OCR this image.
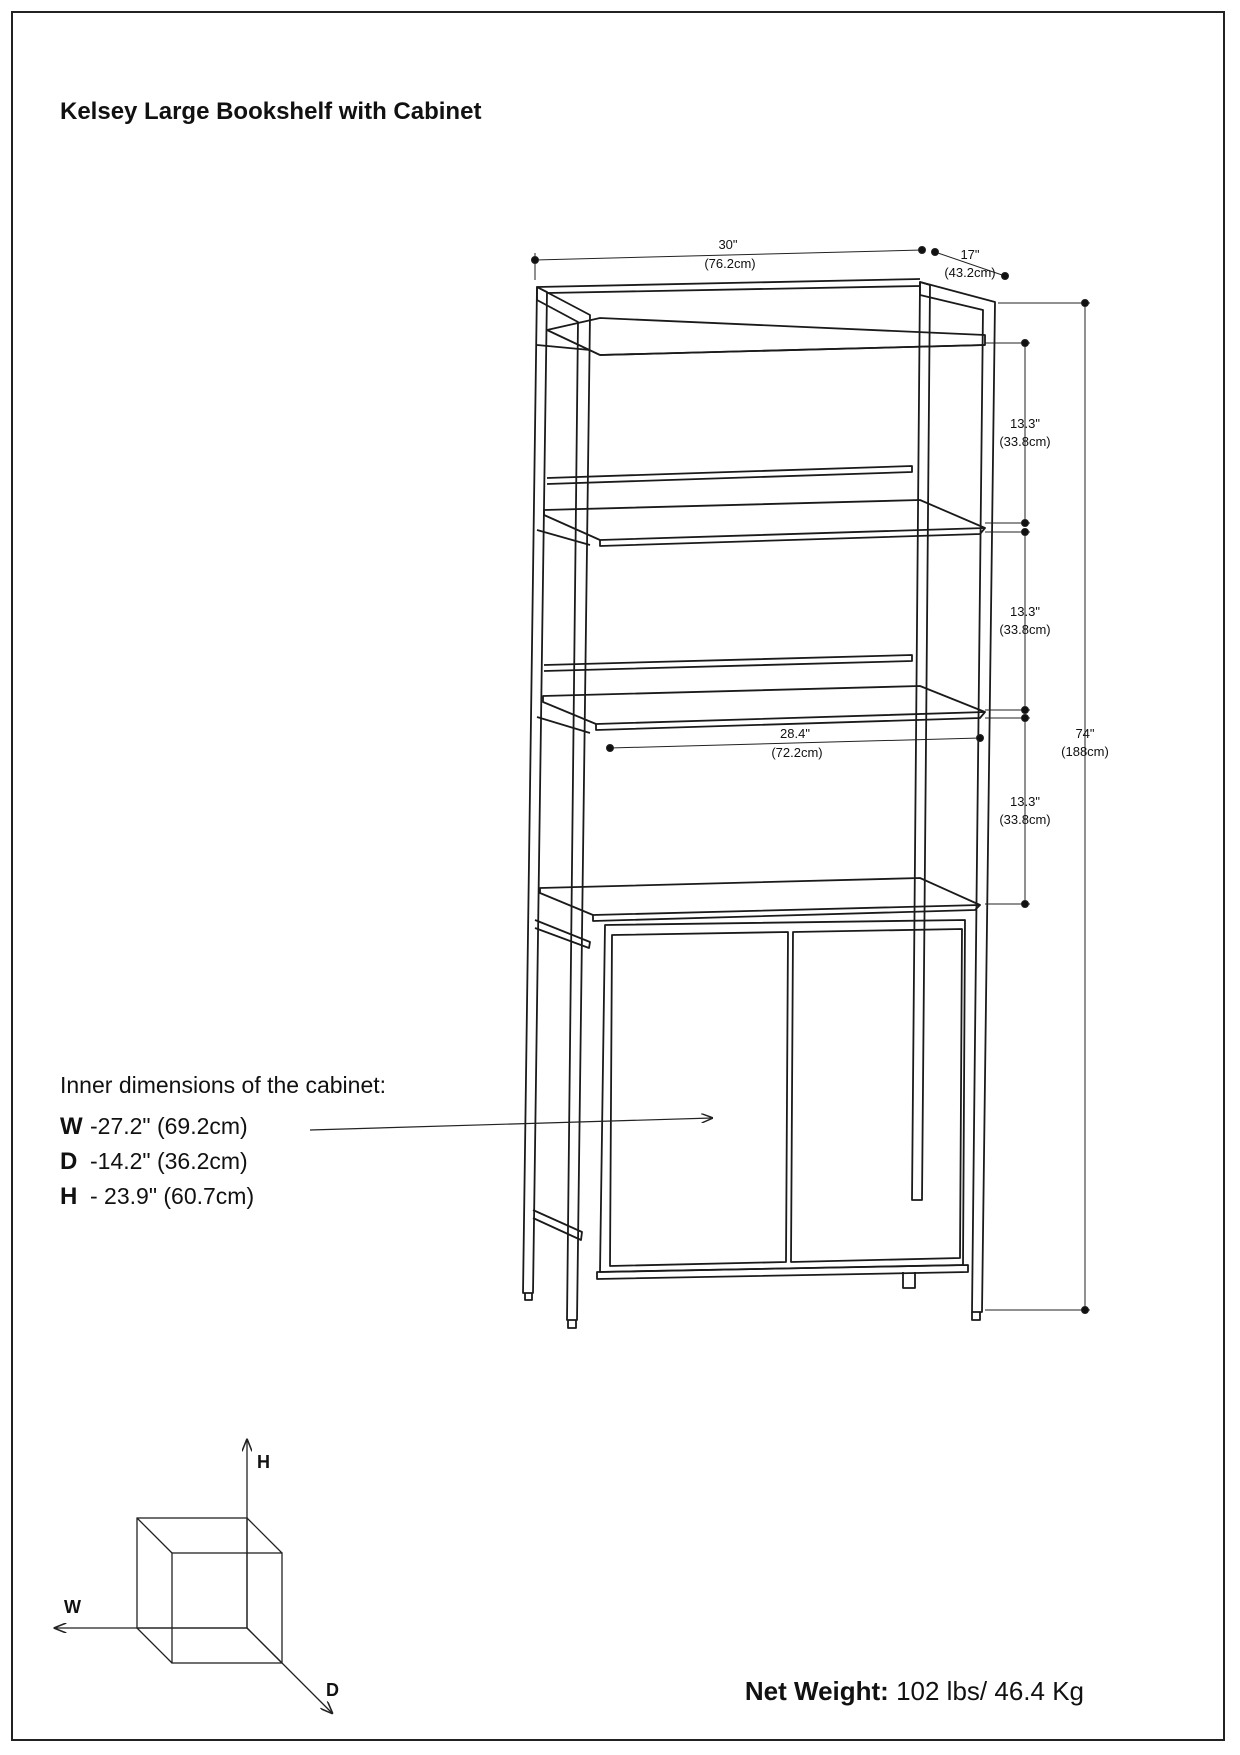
Kelsey Large Bookshelf with Cabinet
30"
(76.2cm)
17"
(43.2cm)
74"
(188cm)
13.3"
(33.8cm)
13.3"
(33.8cm)
13.3"
(33.8cm)
28.4"
(72.2cm)
Inner dimensions of the cabinet:
W -27.2" (69.2cm)
D -14.2" (36.2cm)
H - 23.9" (60.7cm)
H
W
D	Net Weight: 102 lbs/ 46.4 Kg
